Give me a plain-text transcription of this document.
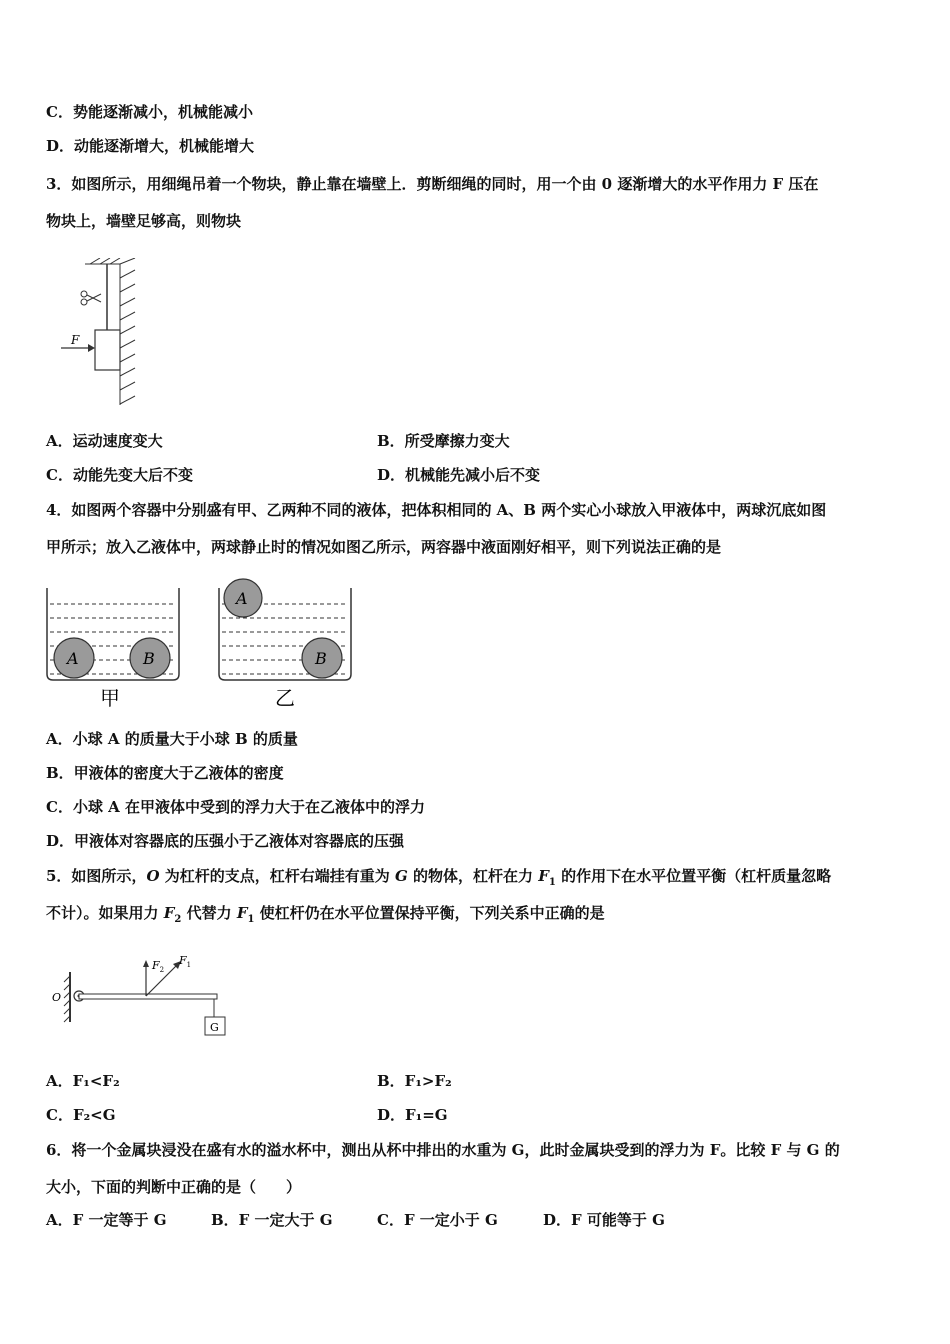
C．势能逐渐减小，机械能减小
D．动能逐渐增大，机械能增大
3．如图所示，用细绳吊着一个物块，静止靠在墙壁上．剪断细绳的同时，用一个由 0 逐渐增大的水平作用力 F 压在
物块上，墙壁足够高，则物块
F
A．运动速度变大	B．所受摩擦力变大
C．动能先变大后不变	D．机械能先减小后不变
4．如图两个容器中分别盛有甲、乙两种不同的液体，把体积相同的 A、B 两个实心小球放入甲液体中，两球沉底如图
甲所示；放入乙液体中，两球静止时的情况如图乙所示，两容器中液面刚好相平，则下列说法正确的是
A	B
甲
A
B
乙
A．小球 A 的质量大于小球 B 的质量
B．甲液体的密度大于乙液体的密度
C．小球 A 在甲液体中受到的浮力大于在乙液体中的浮力
D．甲液体对容器底的压强小于乙液体对容器底的压强
5．如图所示，O 为杠杆的支点，杠杆右端挂有重为 G 的物体，杠杆在力 $F_1$ 的作用下在水平位置平衡（杠杆质量忽略
不计）。如果用力 $F_2$ 代替力 $F_1$ 使杠杆仍在水平位置保持平衡，下列关系中正确的是
O
$F_2$
$F_1$
G
A．F₁<F₂	B．F₁>F₂
C．F₂<G	D．F₁=G
6．将一个金属块浸没在盛有水的溢水杯中，测出从杯中排出的水重为 G，此时金属块受到的浮力为 F。比较 F 与 G 的
大小，下面的判断中正确的是（　　）
A．F 一定等于 G	B．F 一定大于 G	C．F 一定小于 G	D．F 可能等于 G
